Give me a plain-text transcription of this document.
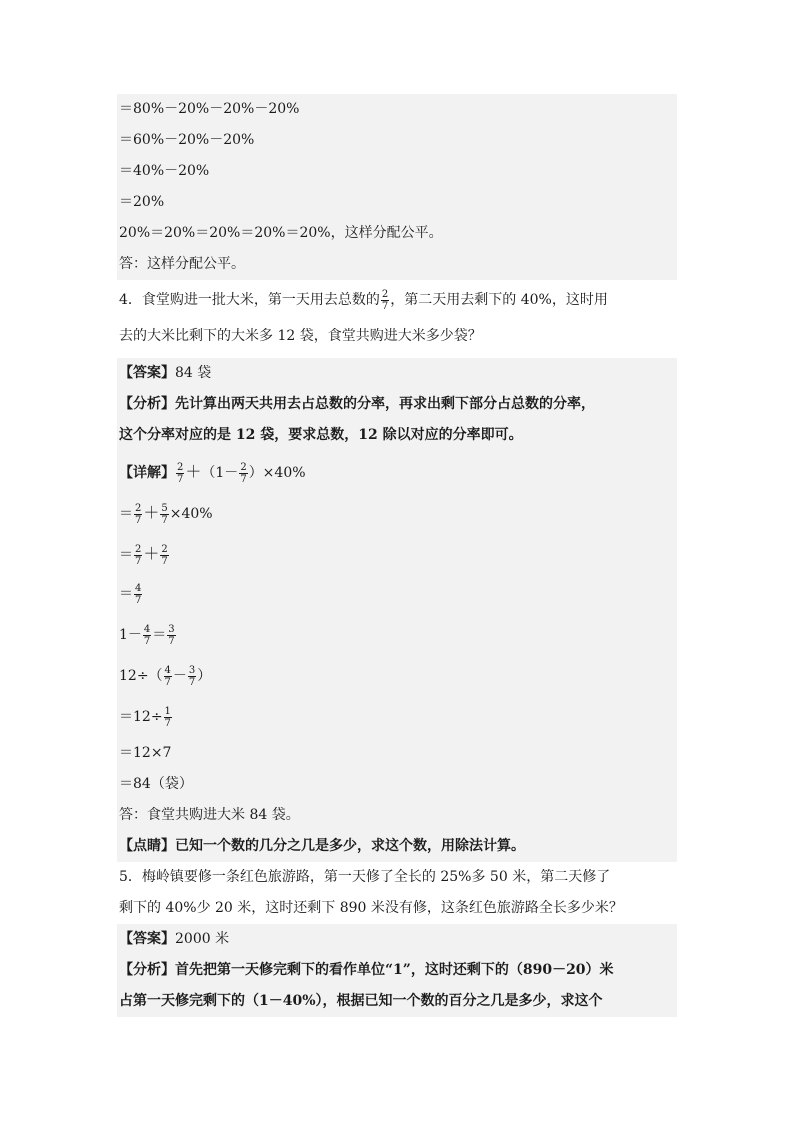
＝80%－20%－20%－20%
＝60%－20%－20%
＝40%－20%
＝20%
20%＝20%＝20%＝20%＝20%，这样分配公平。
答：这样分配公平。
4．食堂购进一批大米，第一天用去总数的 $\frac{2}{7}$ ，第二天用去剩下的 40%，这时用
去的大米比剩下的大米多 12 袋，食堂共购进大米多少袋？
【答案】84 袋
【分析】先计算出两天共用去占总数的分率，再求出剩下部分占总数的分率，
这个分率对应的是 12 袋，要求总数，12 除以对应的分率即可。
【详解】 $\frac{2}{7} +(1- \frac{2}{7} )\times 40\%$
＝ $\frac{2}{7} + \frac{5}{7} \times 40\%$
＝ $\frac{2}{7} + \frac{2}{7}$
＝ $\frac{4}{7}$
$1- \frac{4}{7} = \frac{3}{7}$
$12\div( \frac{4}{7} - \frac{3}{7}$ ）
$=12\div \frac{1}{7}$
＝12×7
＝84（袋）
答：食堂共购进大米 84 袋。
【点睛】已知一个数的几分之几是多少，求这个数，用除法计算。
5．梅岭镇要修一条红色旅游路，第一天修了全长的 25%多 50 米，第二天修了
剩下的 40%少 20 米，这时还剩下 890 米没有修，这条红色旅游路全长多少米？
【答案】2000 米
【分析】首先把第一天修完剩下的看作单位“1”，这时还剩下的（890－20）米
占第一天修完剩下的（1－40%），根据已知一个数的百分之几是多少，求这个
